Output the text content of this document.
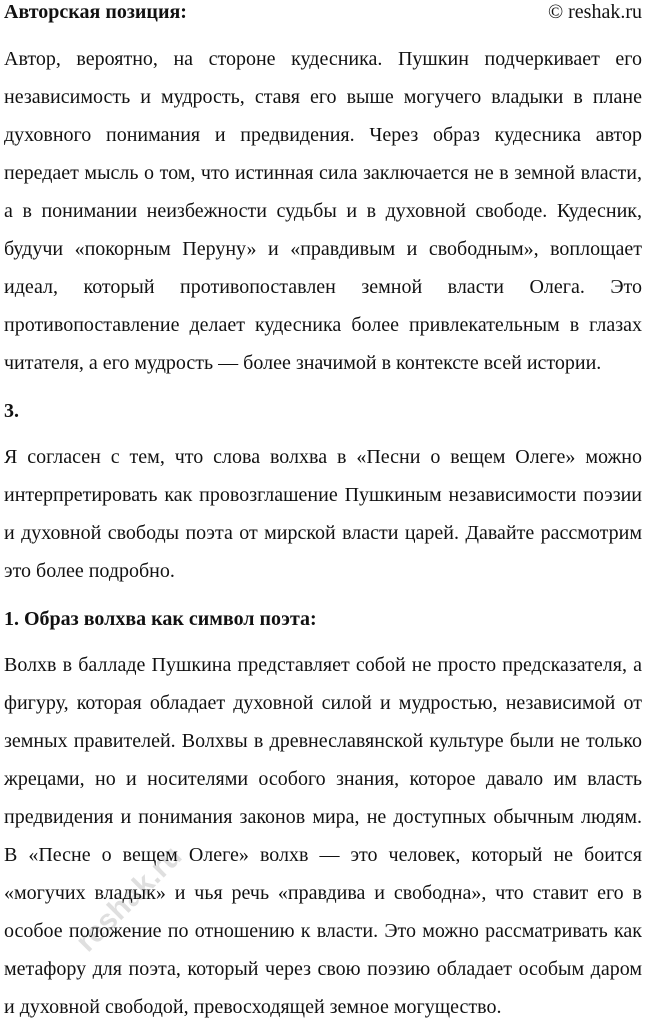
Авторская позиция:	© reshak.ru

Автор, вероятно, на стороне кудесника. Пушкин подчеркивает его независимость и мудрость, ставя его выше могучего владыки в плане духовного понимания и предвидения. Через образ кудесника автор передает мысль о том, что истинная сила заключается не в земной власти, а в понимании неизбежности судьбы и в духовной свободе. Кудесник, будучи «покорным Перуну» и «правдивым и свободным», воплощает идеал, который противопоставлен земной власти Олега. Это противопоставление делает кудесника более привлекательным в глазах читателя, а его мудрость — более значимой в контексте всей истории.

3.

Я согласен с тем, что слова волхва в «Песни о вещем Олеге» можно интерпретировать как провозглашение Пушкиным независимости поэзии и духовной свободы поэта от мирской власти царей. Давайте рассмотрим это более подробно.

1. Образ волхва как символ поэта:

Волхв в балладе Пушкина представляет собой не просто предсказателя, а фигуру, которая обладает духовной силой и мудростью, независимой от земных правителей. Волхвы в древнеславянской культуре были не только жрецами, но и носителями особого знания, которое давало им власть предвидения и понимания законов мира, не доступных обычным людям. В «Песне о вещем Олеге» волхв — это человек, который не боится «могучих владык» и чья речь «правдива и свободна», что ставит его в особое положение по отношению к власти. Это можно рассматривать как метафору для поэта, который через свою поэзию обладает особым даром и духовной свободой, превосходящей земное могущество.

reshak.ru
